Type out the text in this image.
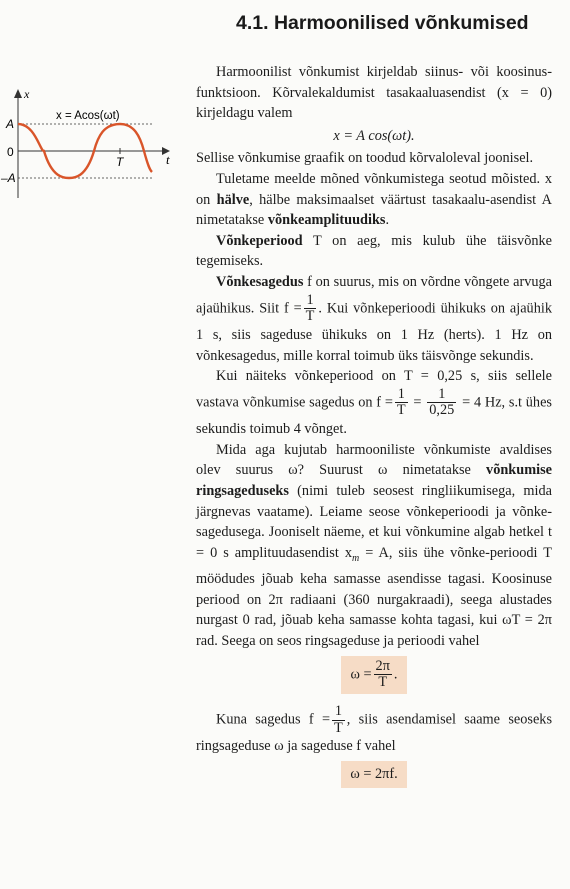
4.1. Harmoonilised võnkumised
x
x = Acos(ωt)
A
0
–A
T	t

Harmoonilist võnkumist kirjeldab siinus- või koosinus-funktsioon. Kõrvalekaldumist tasakaaluasendist (x = 0) kirjeldagu valem

x = A cos(ωt).

Sellise võnkumise graafik on toodud kõrvaloleval joonisel.

Tuletame meelde mõned võnkumistega seotud mõisted. x on hälve, hälbe maksimaalset väärtust tasakaalu-asendist A nimetatakse võnkeamplituudiks.

Võnkeperiood T on aeg, mis kulub ühe täisvõnke tegemiseks.

Võnkesagedus f on suurus, mis on võrdne võngete arvuga ajaühikus. Siit $f = \frac{1}{T}$ . Kui võnkeperioodi ühikuks on ajaühik 1 s, siis sageduse ühikuks on 1 Hz (herts). 1 Hz on võnkesagedus, mille korral toimub üks täisvõnge sekundis.

Kui näiteks võnkeperiood on T = 0,25 s, siis sellele vastava võnkumise sagedus on $f = \frac{1}{T} = \frac{1}{0,25} = 4$ Hz, s.t ühes sekundis toimub 4 võnget.

Mida aga kujutab harmooniliste võnkumiste avaldises olev suurus ω? Suurust ω nimetatakse võnkumise ringsageduseks (nimi tuleb seosest ringliikumisega, mida järgnevas vaatame). Leiame seose võnkeperioodi ja võnke-sagedusega. Jooniselt näeme, et kui võnkumine algab hetkel t = 0 s amplituudasendist $x_m = A$, siis ühe võnke-perioodi T möödudes jõuab keha samasse asendisse tagasi. Koosinuse periood on 2π radiaani (360 nurgakraadi), seega alustades nurgast 0 rad, jõuab keha samasse kohta tagasi, kui ωT = 2π rad. Seega on seos ringsageduse ja perioodi vahel

$\omega = \frac{2\pi}{T}$ .

Kuna sagedus $f = \frac{1}{T}$ , siis asendamisel saame seoseks ringsageduse ω ja sageduse f vahel

ω = 2πf.
